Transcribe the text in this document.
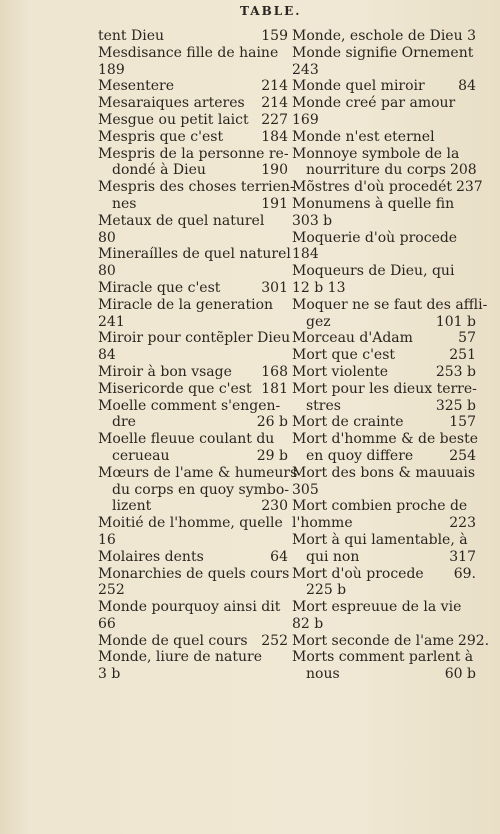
TABLE.
tent Dieu	159
Mesdisance fille de haine
189
Mesentere	214
Mesaraiques arteres 214
Mesgue ou petit laict 227
Mespris que c'est	184
Mespris de la personne re-
dondé à Dieu	190
Mespris des choses terrien-
nes	191
Metaux de quel naturel
80
Mineraílles de quel naturel
80
Miracle que c'est	301
Miracle de la generation
241
Miroir pour contẽpler Dieu
84
Miroir à bon vsage 168
Misericorde que c'est 181
Moelle comment s'engen-
dre	26 b
Moelle fleuue coulant du
cerueau	29 b
Mœurs de l'ame & humeurs
du corps en quoy symbo-
lizent	230
Moitié de l'homme, quelle
16
Molaires dents	64
Monarchies de quels cours
252
Monde pourquoy ainsi dit
66
Monde de quel cours 252
Monde, liure de nature
3 b
Monde, eschole de Dieu 3
Monde signifie Ornement
243
Monde quel miroir 84
Monde creé par amour
169
Monde n'est eternel
Monnoye symbole de la
nourriture du corps 208
Mõstres d'où procedét 237
Monumens à quelle fin
303 b
Moquerie d'où procede
184
Moqueurs de Dieu, qui
12 b 13
Moquer ne se faut des affli-
gez	101 b
Morceau d'Adam	57
Mort que c'est	251
Mort violente	253 b
Mort pour les dieux terre-
stres	325 b
Mort de crainte	157
Mort d'homme & de beste
en quoy differe	254
Mort des bons & mauuais
305
Mort combien proche de
l'homme	223
Mort à qui lamentable, à
qui non	317
Mort d'où procede 69.
225 b
Mort espreuue de la vie
82 b
Mort seconde de l'ame 292.
Morts comment parlent à
nous	60 b
